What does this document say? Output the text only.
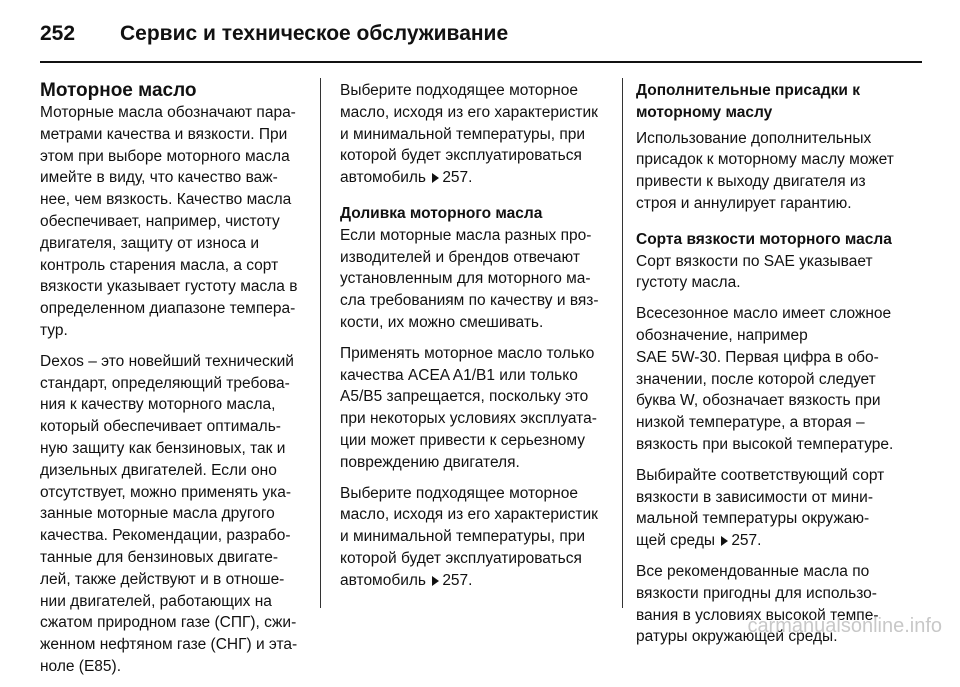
252	Сервис и техническое обслуживание
Моторное масло

Моторные масла обозначают пара-
метрами качества и вязкости. При
этом при выборе моторного масла
имейте в виду, что качество важ-
нее, чем вязкость. Качество масла
обеспечивает, например, чистоту
двигателя, защиту от износа и
контроль старения масла, а сорт
вязкости указывает густоту масла в
определенном диапазоне темпера-
тур.

Dexos – это новейший технический
стандарт, определяющий требова-
ния к качеству моторного масла,
который обеспечивает оптималь-
ную защиту как бензиновых, так и
дизельных двигателей. Если оно
отсутствует, можно применять ука-
занные моторные масла другого
качества. Рекомендации, разрабо-
танные для бензиновых двигате-
лей, также действуют и в отноше-
нии двигателей, работающих на
сжатом природном газе (СПГ), сжи-
женном нефтяном газе (СНГ) и эта-
ноле (E85).

Выберите подходящее моторное
масло, исходя из его характеристик
и минимальной температуры, при
которой будет эксплуатироваться
автомобиль 257.

Доливка моторного масла

Если моторные масла разных про-
изводителей и брендов отвечают
установленным для моторного ма-
сла требованиям по качеству и вяз-
кости, их можно смешивать.

Применять моторное масло только
качества ACEA A1/B1 или только
A5/B5 запрещается, поскольку это
при некоторых условиях эксплуата-
ции может привести к серьезному
повреждению двигателя.

Выберите подходящее моторное
масло, исходя из его характеристик
и минимальной температуры, при
которой будет эксплуатироваться
автомобиль 257.

Дополнительные присадки к
моторному маслу

Использование дополнительных
присадок к моторному маслу может
привести к выходу двигателя из
строя и аннулирует гарантию.

Сорта вязкости моторного масла

Сорт вязкости по SAE указывает
густоту масла.

Всесезонное масло имеет сложное
обозначение, например
SAE 5W-30. Первая цифра в обо-
значении, после которой следует
буква W, обозначает вязкость при
низкой температуре, а вторая –
вязкость при высокой температуре.

Выбирайте соответствующий сорт
вязкости в зависимости от мини-
мальной температуры окружаю-
щей среды 257.

Все рекомендованные масла по
вязкости пригодны для использо-
вания в условиях высокой темпе-
ратуры окружающей среды.

carmanualsonline.info
